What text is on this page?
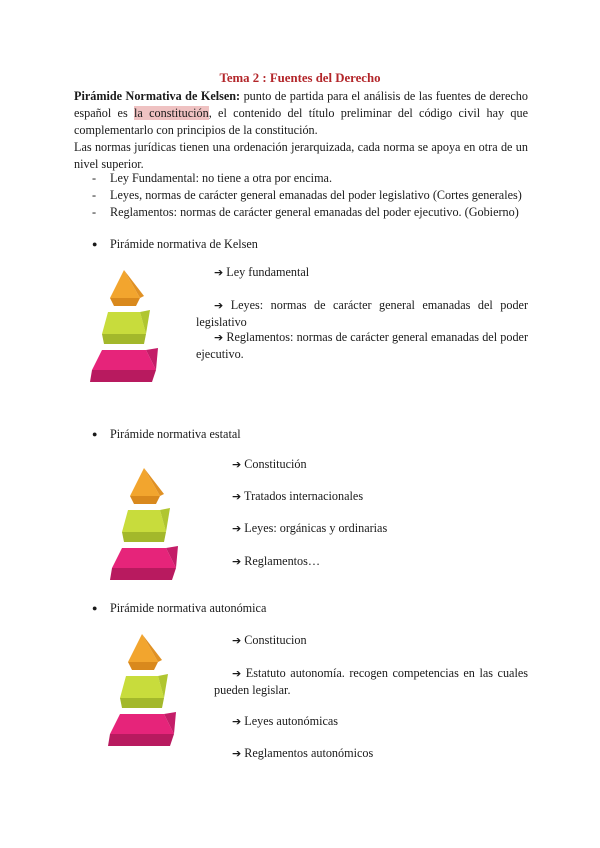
Tema 2 : Fuentes del Derecho

Pirámide Normativa de Kelsen: punto de partida para el análisis de las fuentes de derecho español es la constitución, el contenido del título preliminar del código civil hay que complementarlo con principios de la constitución.

Las normas jurídicas tienen una ordenación jerarquizada, cada norma se apoya en otra de un nivel superior.

- Ley Fundamental: no tiene a otra por encima.
- Leyes, normas de carácter general emanadas del poder legislativo (Cortes generales)
- Reglamentos: normas de carácter general emanadas del poder ejecutivo. (Gobierno)
● Pirámide normativa de Kelsen

➔ Ley fundamental

➔ Leyes: normas de carácter general emanadas del poder legislativo

➔ Reglamentos: normas de carácter general emanadas del poder ejecutivo.

● Pirámide normativa estatal

➔ Constitución

➔ Tratados internacionales

➔ Leyes: orgánicas y ordinarias

➔ Reglamentos…

● Pirámide normativa autonómica

➔ Constitucion

➔ Estatuto autonomía. recogen competencias en las cuales pueden legislar.

➔ Leyes autonómicas

➔ Reglamentos autonómicos
